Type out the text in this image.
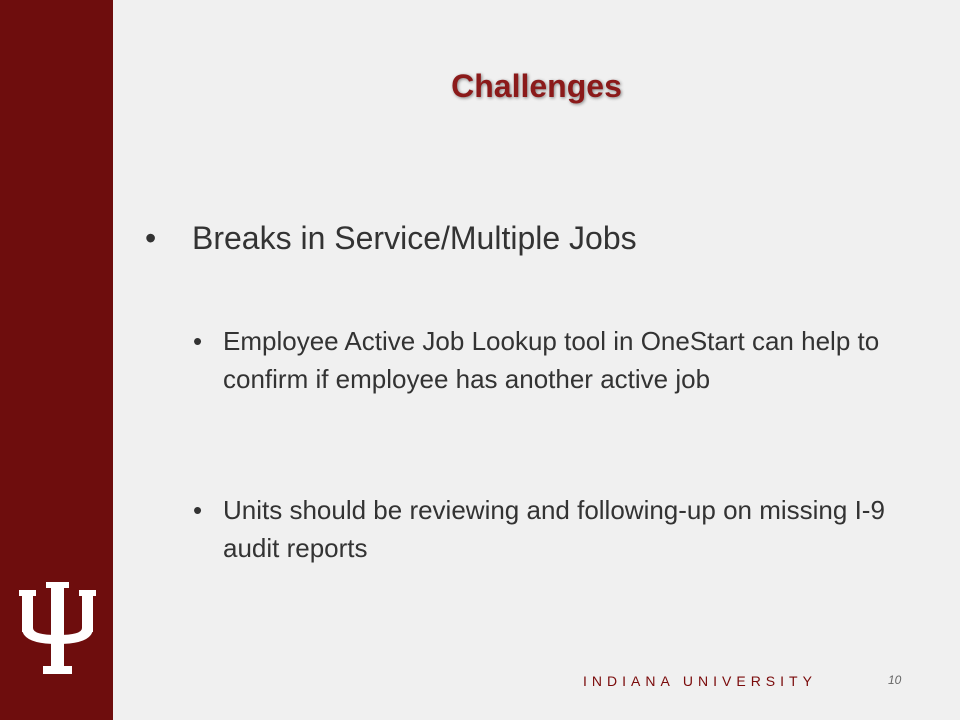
Challenges
•	Breaks in Service/Multiple Jobs
• Employee Active Job Lookup tool in OneStart can help to confirm if employee has another active job
• Units should be reviewing and following-up on missing I-9 audit reports
INDIANA UNIVERSITY	10
